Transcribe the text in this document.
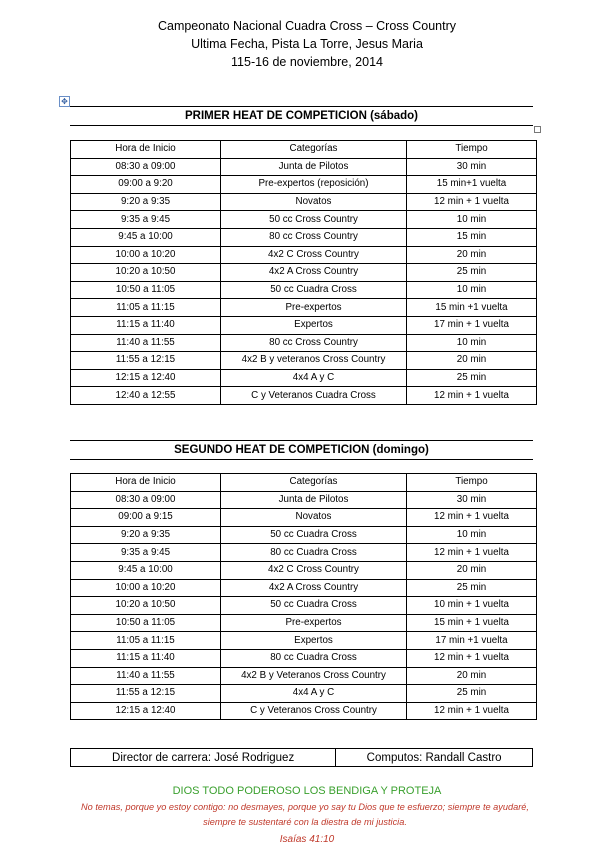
Campeonato Nacional Cuadra Cross – Cross Country
Ultima Fecha, Pista La Torre, Jesus Maria
115-16 de noviembre, 2014
✥
PRIMER HEAT DE COMPETICION (sábado)
Hora de Inicio	Categorías	Tiempo
08:30 a 09:00	Junta de Pilotos	30 min
09:00 a 9:20	Pre-expertos (reposición)	15 min+1 vuelta
9:20 a 9:35	Novatos	12 min + 1 vuelta
9:35 a 9:45	50 cc Cross Country	10 min
9:45 a 10:00	80 cc Cross Country	15 min
10:00 a 10:20	4x2 C Cross Country	20 min
10:20 a 10:50	4x2 A Cross Country	25 min
10:50 a 11:05	50 cc Cuadra Cross	10 min
11:05 a 11:15	Pre-expertos	15 min +1 vuelta
11:15 a 11:40	Expertos	17 min + 1 vuelta
11:40 a 11:55	80 cc Cross Country	10 min
11:55 a 12:15	4x2 B y veteranos Cross Country	20 min
12:15 a 12:40	4x4 A y C	25 min
12:40 a 12:55	C y Veteranos Cuadra Cross	12 min + 1 vuelta
SEGUNDO HEAT DE COMPETICION (domingo)
Hora de Inicio	Categorías	Tiempo
08:30 a 09:00	Junta de Pilotos	30 min
09:00 a 9:15	Novatos	12 min + 1 vuelta
9:20 a 9:35	50 cc Cuadra Cross	10 min
9:35 a 9:45	80 cc Cuadra Cross	12 min + 1 vuelta
9:45 a 10:00	4x2 C Cross Country	20 min
10:00 a 10:20	4x2 A Cross Country	25 min
10:20 a 10:50	50 cc Cuadra Cross	10 min + 1 vuelta
10:50 a 11:05	Pre-expertos	15 min + 1 vuelta
11:05 a 11:15	Expertos	17 min +1 vuelta
11:15 a 11:40	80 cc Cuadra Cross	12 min + 1 vuelta
11:40 a 11:55	4x2 B y Veteranos Cross Country	20 min
11:55 a 12:15	4x4 A y C	25 min
12:15 a 12:40	C y Veteranos Cross Country	12 min + 1 vuelta
Director de carrera: José Rodriguez	Computos: Randall Castro
DIOS TODO PODEROSO LOS BENDIGA Y PROTEJA
No temas, porque yo estoy contigo: no desmayes, porque yo say tu Dios que te esfuerzo; siempre te ayudaré, siempre te sustentaré con la diestra de mi justicia.
Isaías 41:10
